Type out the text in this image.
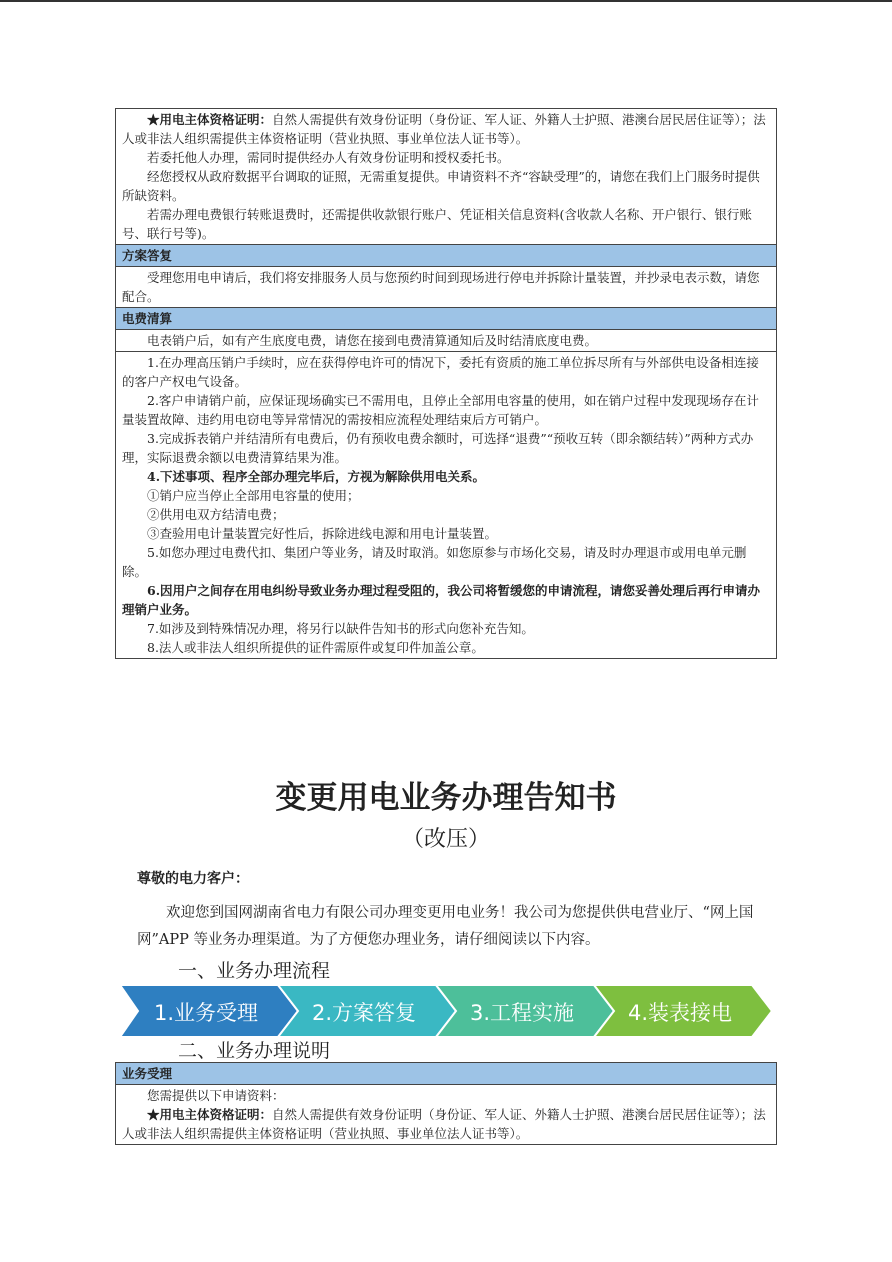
★用电主体资格证明：自然人需提供有效身份证明（身份证、军人证、外籍人士护照、港澳台居民居住证等）；法人或非法人组织需提供主体资格证明（营业执照、事业单位法人证书等）。

若委托他人办理，需同时提供经办人有效身份证明和授权委托书。

经您授权从政府数据平台调取的证照，无需重复提供。申请资料不齐“容缺受理”的，请您在我们上门服务时提供所缺资料。

若需办理电费银行转账退费时，还需提供收款银行账户、凭证相关信息资料(含收款人名称、开户银行、银行账号、联行号等)。

方案答复

受理您用电申请后，我们将安排服务人员与您预约时间到现场进行停电并拆除计量装置，并抄录电表示数，请您配合。

电费清算

电表销户后，如有产生底度电费，请您在接到电费清算通知后及时结清底度电费。

1.在办理高压销户手续时，应在获得停电许可的情况下，委托有资质的施工单位拆尽所有与外部供电设备相连接的客户产权电气设备。

2.客户申请销户前，应保证现场确实已不需用电，且停止全部用电容量的使用，如在销户过程中发现现场存在计量装置故障、违约用电窃电等异常情况的需按相应流程处理结束后方可销户。

3.完成拆表销户并结清所有电费后，仍有预收电费余额时，可选择“退费”“预收互转（即余额结转）”两种方式办理，实际退费余额以电费清算结果为准。

4.下述事项、程序全部办理完毕后，方视为解除供用电关系。

①销户应当停止全部用电容量的使用；

②供用电双方结清电费；

③查验用电计量装置完好性后，拆除进线电源和用电计量装置。

5.如您办理过电费代扣、集团户等业务，请及时取消。如您原参与市场化交易，请及时办理退市或用电单元删除。

6.因用户之间存在用电纠纷导致业务办理过程受阻的，我公司将暂缓您的申请流程，请您妥善处理后再行申请办理销户业务。

7.如涉及到特殊情况办理，将另行以缺件告知书的形式向您补充告知。

8.法人或非法人组织所提供的证件需原件或复印件加盖公章。

变更用电业务办理告知书
（改压）
尊敬的电力客户：
欢迎您到国网湖南省电力有限公司办理变更用电业务！我公司为您提供供电营业厅、“网上国网”APP 等业务办理渠道。为了方便您办理业务，请仔细阅读以下内容。
一、业务办理流程
1.业务受理	2.方案答复	3.工程实施	4.装表接电
二、业务办理说明
业务受理

您需提供以下申请资料：

★用电主体资格证明：自然人需提供有效身份证明（身份证、军人证、外籍人士护照、港澳台居民居住证等）；法人或非法人组织需提供主体资格证明（营业执照、事业单位法人证书等）。
